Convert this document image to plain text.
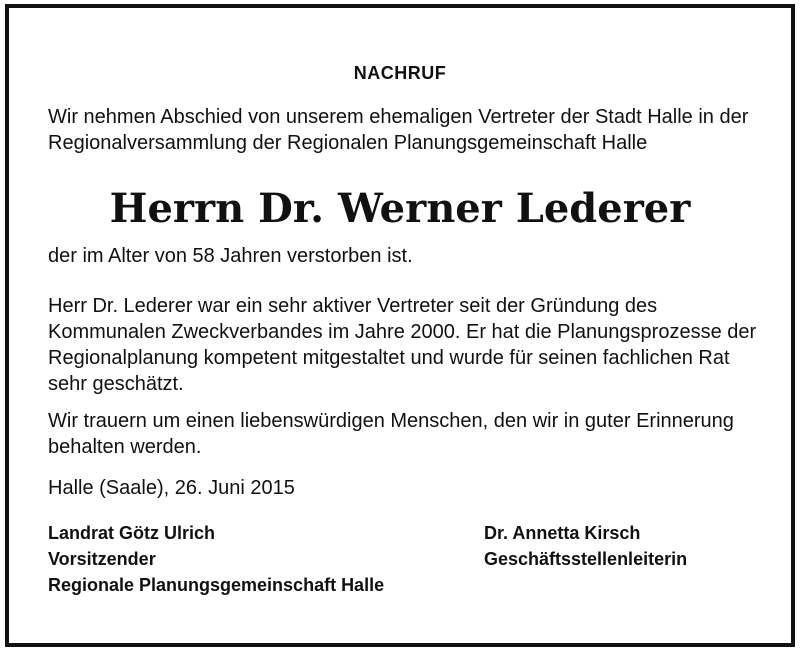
NACHRUF

Wir nehmen Abschied von unserem ehemaligen Vertreter der Stadt Halle in der Regionalversammlung der Regionalen Planungsgemeinschaft Halle

Herrn Dr. Werner Lederer

der im Alter von 58 Jahren verstorben ist.

Herr Dr. Lederer war ein sehr aktiver Vertreter seit der Gründung des Kommunalen Zweckverbandes im Jahre 2000. Er hat die Planungsprozesse der Regionalplanung kompetent mitgestaltet und wurde für seinen fachlichen Rat sehr geschätzt.

Wir trauern um einen liebenswürdigen Menschen, den wir in guter Erinnerung behalten werden.

Halle (Saale), 26. Juni 2015

Landrat Götz Ulrich
Vorsitzender
Regionale Planungsgemeinschaft Halle
Dr. Annetta Kirsch
Geschäftsstellenleiterin
